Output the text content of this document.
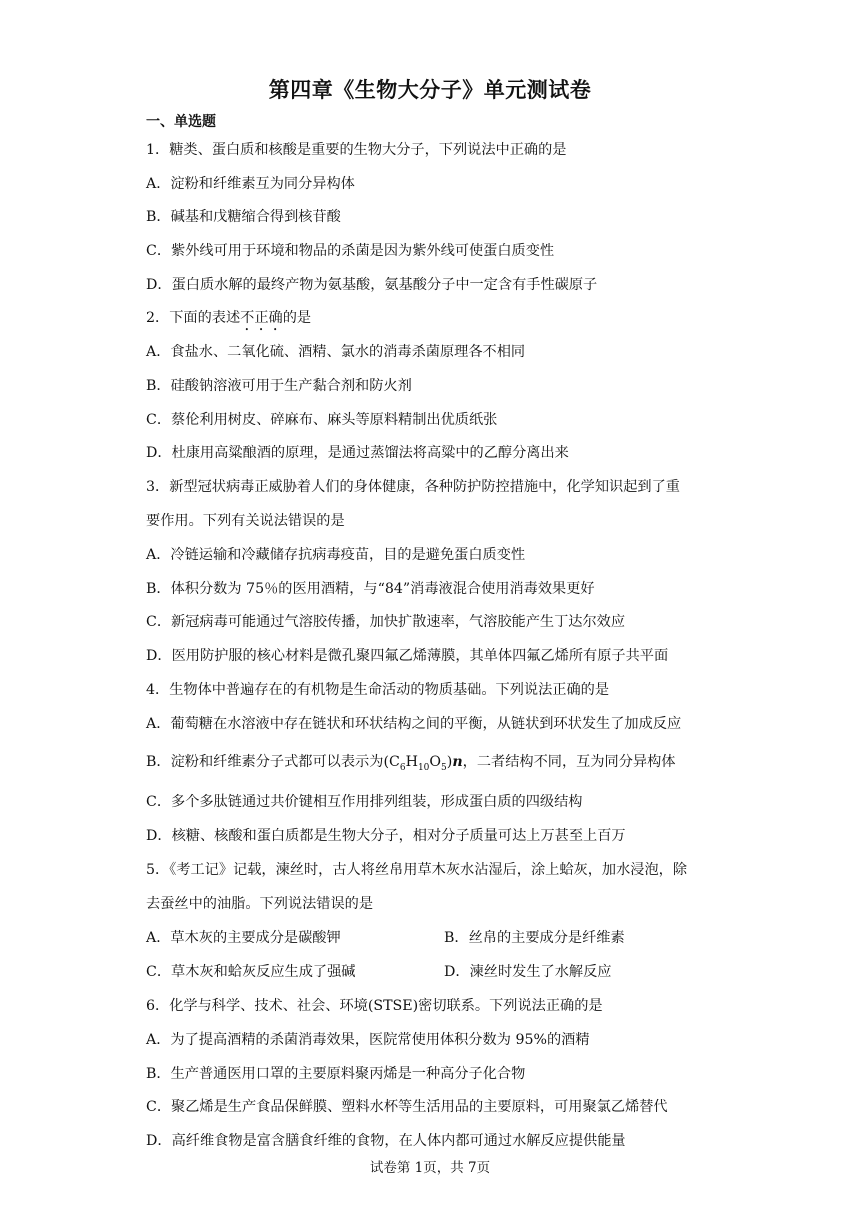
第四章《生物大分子》单元测试卷
一、单选题
1．糖类、蛋白质和核酸是重要的生物大分子，下列说法中正确的是
A．淀粉和纤维素互为同分异构体
B．碱基和戊糖缩合得到核苷酸
C．紫外线可用于环境和物品的杀菌是因为紫外线可使蛋白质变性
D．蛋白质水解的最终产物为氨基酸，氨基酸分子中一定含有手性碳原子
2．下面的表述不正确的是
A．食盐水、二氧化硫、酒精、氯水的消毒杀菌原理各不相同
B．硅酸钠溶液可用于生产黏合剂和防火剂
C．蔡伦利用树皮、碎麻布、麻头等原料精制出优质纸张
D．杜康用高粱酿酒的原理，是通过蒸馏法将高粱中的乙醇分离出来
3．新型冠状病毒正威胁着人们的身体健康，各种防护防控措施中，化学知识起到了重
要作用。下列有关说法错误的是
A．冷链运输和冷藏储存抗病毒疫苗，目的是避免蛋白质变性
B．体积分数为 75％的医用酒精，与“84”消毒液混合使用消毒效果更好
C．新冠病毒可能通过气溶胶传播，加快扩散速率，气溶胶能产生丁达尔效应
D．医用防护服的核心材料是微孔聚四氟乙烯薄膜，其单体四氟乙烯所有原子共平面
4．生物体中普遍存在的有机物是生命活动的物质基础。下列说法正确的是
A．葡萄糖在水溶液中存在链状和环状结构之间的平衡，从链状到环状发生了加成反应
B．淀粉和纤维素分子式都可以表示为$(C_6H_{10}O_5)n$，二者结构不同，互为同分异构体
C．多个多肽链通过共价键相互作用排列组装，形成蛋白质的四级结构
D．核糖、核酸和蛋白质都是生物大分子，相对分子质量可达上万甚至上百万
5．《考工记》记载，湅丝时，古人将丝帛用草木灰水沾湿后，涂上蛤灰，加水浸泡，除
去蚕丝中的油脂。下列说法错误的是
A．草木灰的主要成分是碳酸钾	B．丝帛的主要成分是纤维素
C．草木灰和蛤灰反应生成了强碱	D．湅丝时发生了水解反应
6．化学与科学、技术、社会、环境(STSE)密切联系。下列说法正确的是
A．为了提高酒精的杀菌消毒效果，医院常使用体积分数为 95%的酒精
B．生产普通医用口罩的主要原料聚丙烯是一种高分子化合物
C．聚乙烯是生产食品保鲜膜、塑料水杯等生活用品的主要原料，可用聚氯乙烯替代
D．高纤维食物是富含膳食纤维的食物，在人体内都可通过水解反应提供能量
试卷第 1页，共 7页
